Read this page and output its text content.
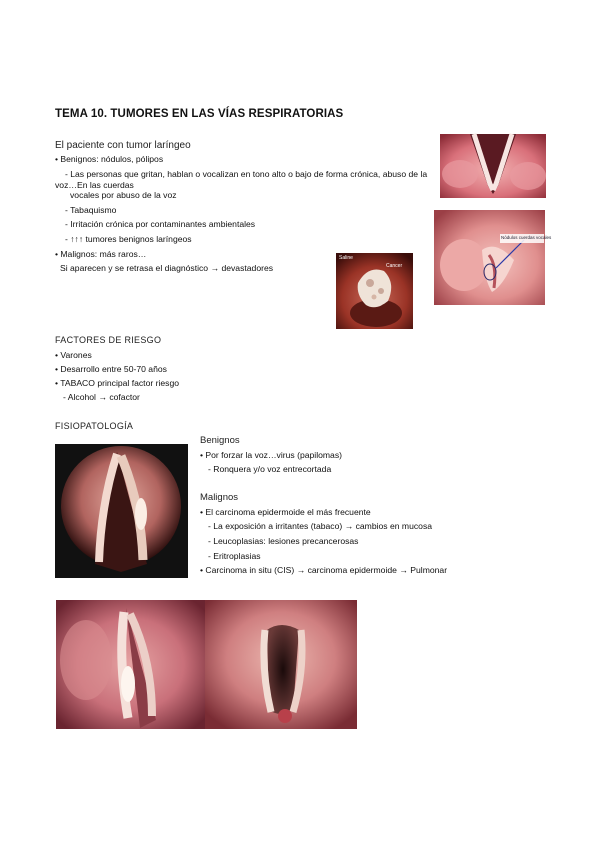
TEMA 10. TUMORES EN LAS VÍAS RESPIRATORIAS
El paciente con tumor laríngeo
• Benignos: nódulos, pólipos
- Las personas que gritan, hablan o vocalizan en tono alto o bajo de forma crónica, abuso de la voz…En las cuerdas
vocales por abuso de la voz
- Tabaquismo
- Irritación crónica por contaminantes ambientales
- ↑↑↑ tumores benignos laríngeos
• Malignos: más raros…
Si aparecen y se retrasa el diagnóstico → devastadores
FACTORES DE RIESGO
• Varones
• Desarrollo entre 50-70 años
• TABACO principal factor riesgo
- Alcohol → cofactor
FISIOPATOLOGÍA
Benignos
• Por forzar la voz…virus (papilomas)
- Ronquera y/o voz entrecortada
Malignos
• El carcinoma epidermoide el más frecuente
- La exposición a irritantes (tabaco) → cambios en mucosa
- Leucoplasias: lesiones precancerosas
- Eritroplasias
• Carcinoma in situ (CIS) → carcinoma epidermoide → Pulmonar
Nódulos cuerdas vocales
Saline
Cancer
